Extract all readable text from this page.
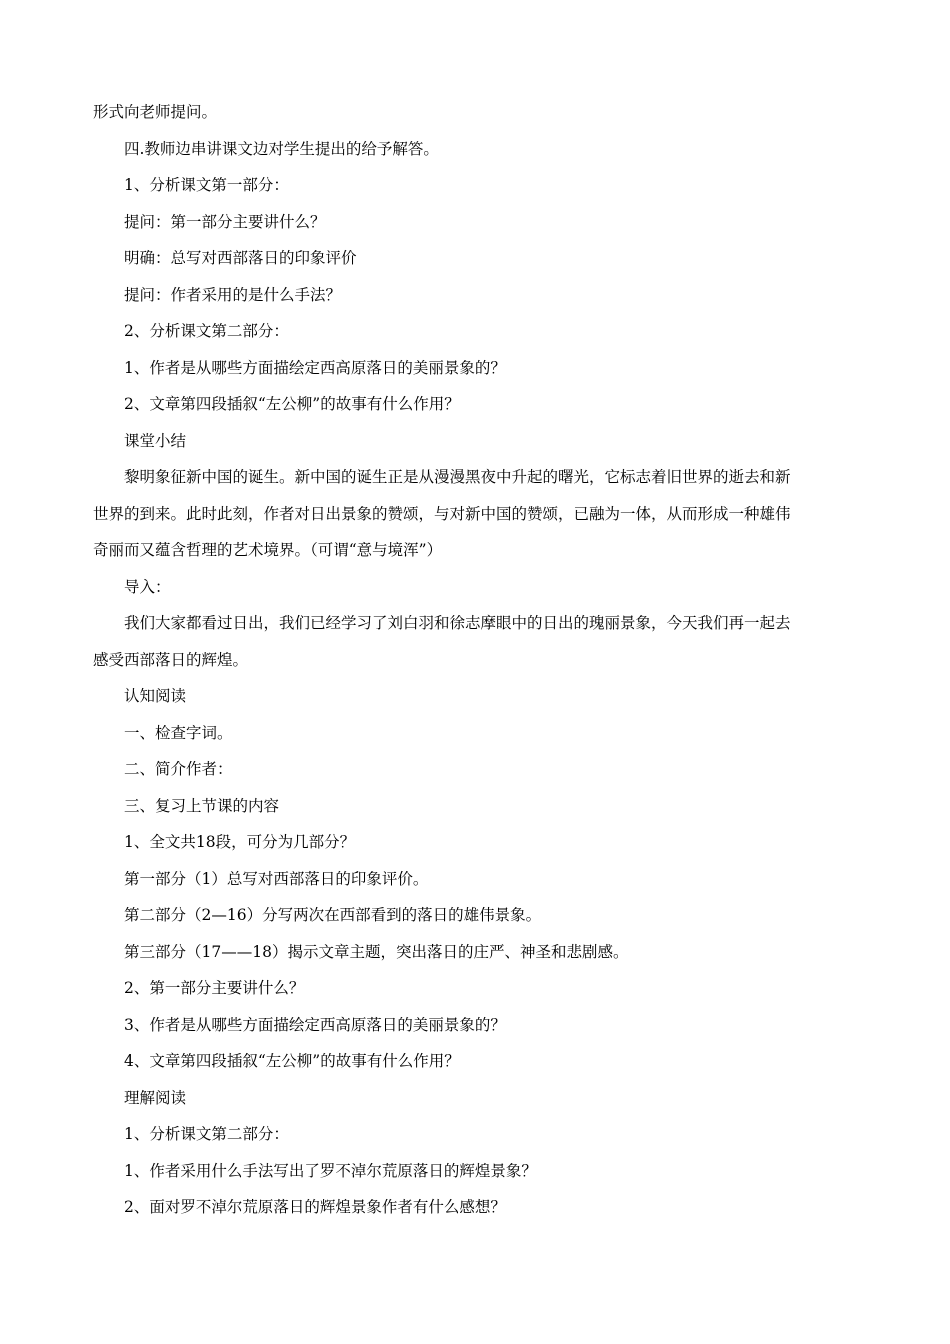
形式向老师提问。
四.教师边串讲课文边对学生提出的给予解答。
1、分析课文第一部分：
提问：第一部分主要讲什么？
明确：总写对西部落日的印象评价
提问：作者采用的是什么手法？
2、分析课文第二部分：
1、作者是从哪些方面描绘定西高原落日的美丽景象的？
2、文章第四段插叙“左公柳”的故事有什么作用？
课堂小结
黎明象征新中国的诞生。新中国的诞生正是从漫漫黑夜中升起的曙光，它标志着旧世界的逝去和新
世界的到来。此时此刻，作者对日出景象的赞颂，与对新中国的赞颂，已融为一体，从而形成一种雄伟
奇丽而又蕴含哲理的艺术境界。（可谓“意与境浑”）
导入：
我们大家都看过日出，我们已经学习了刘白羽和徐志摩眼中的日出的瑰丽景象，今天我们再一起去
感受西部落日的辉煌。
认知阅读
一、检查字词。
二、简介作者：
三、复习上节课的内容
1、全文共18段，可分为几部分？
第一部分（1）总写对西部落日的印象评价。
第二部分（2—16）分写两次在西部看到的落日的雄伟景象。
第三部分（17——18）揭示文章主题，突出落日的庄严、神圣和悲剧感。
2、第一部分主要讲什么？
3、作者是从哪些方面描绘定西高原落日的美丽景象的？
4、文章第四段插叙“左公柳”的故事有什么作用？
理解阅读
1、分析课文第二部分：
1、作者采用什么手法写出了罗不淖尔荒原落日的辉煌景象？
2、面对罗不淖尔荒原落日的辉煌景象作者有什么感想？
